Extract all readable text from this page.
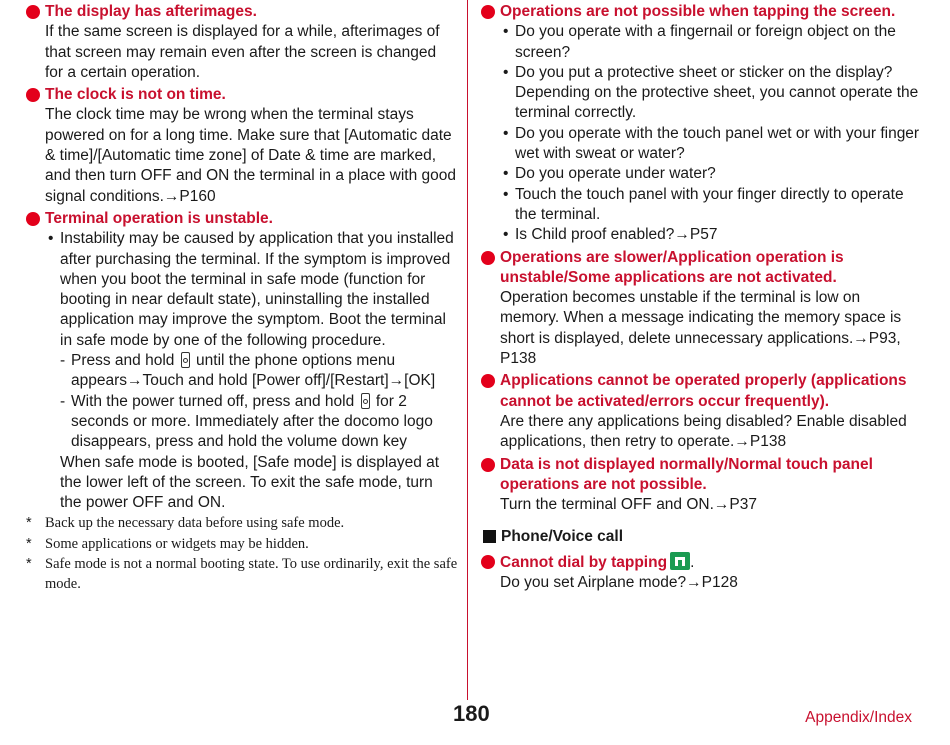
The display has afterimages.
If the same screen is displayed for a while, afterimages of that screen may remain even after the screen is changed for a certain operation.
The clock is not on time.
The clock time may be wrong when the terminal stays powered on for a long time. Make sure that [Automatic date & time]/[Automatic time zone] of Date & time are marked, and then turn OFF and ON the terminal in a place with good signal conditions.→P160
Terminal operation is unstable.
• Instability may be caused by application that you installed after purchasing the terminal. If the symptom is improved when you boot the terminal in safe mode (function for booting in near default state), uninstalling the installed application may improve the symptom. Boot the terminal in safe mode by one of the following procedure.
- Press and hold until the phone options menu appears→Touch and hold [Power off]/[Restart]→[OK]
- With the power turned off, press and hold for 2 seconds or more. Immediately after the docomo logo disappears, press and hold the volume down key
When safe mode is booted, [Safe mode] is displayed at the lower left of the screen. To exit the safe mode, turn the power OFF and ON.
* Back up the necessary data before using safe mode.
* Some applications or widgets may be hidden.
* Safe mode is not a normal booting state. To use ordinarily, exit the safe mode.
Operations are not possible when tapping the screen.
• Do you operate with a fingernail or foreign object on the screen?
• Do you put a protective sheet or sticker on the display? Depending on the protective sheet, you cannot operate the terminal correctly.
• Do you operate with the touch panel wet or with your finger wet with sweat or water?
• Do you operate under water?
• Touch the touch panel with your finger directly to operate the terminal.
• Is Child proof enabled?→P57
Operations are slower/Application operation is unstable/Some applications are not activated.
Operation becomes unstable if the terminal is low on memory. When a message indicating the memory space is short is displayed, delete unnecessary applications.→P93, P138
Applications cannot be operated properly (applications cannot be activated/errors occur frequently).
Are there any applications being disabled? Enable disabled applications, then retry to operate.→P138
Data is not displayed normally/Normal touch panel operations are not possible.
Turn the terminal OFF and ON.→P37
Phone/Voice call
Cannot dial by tapping .
Do you set Airplane mode?→P128
180	Appendix/Index
